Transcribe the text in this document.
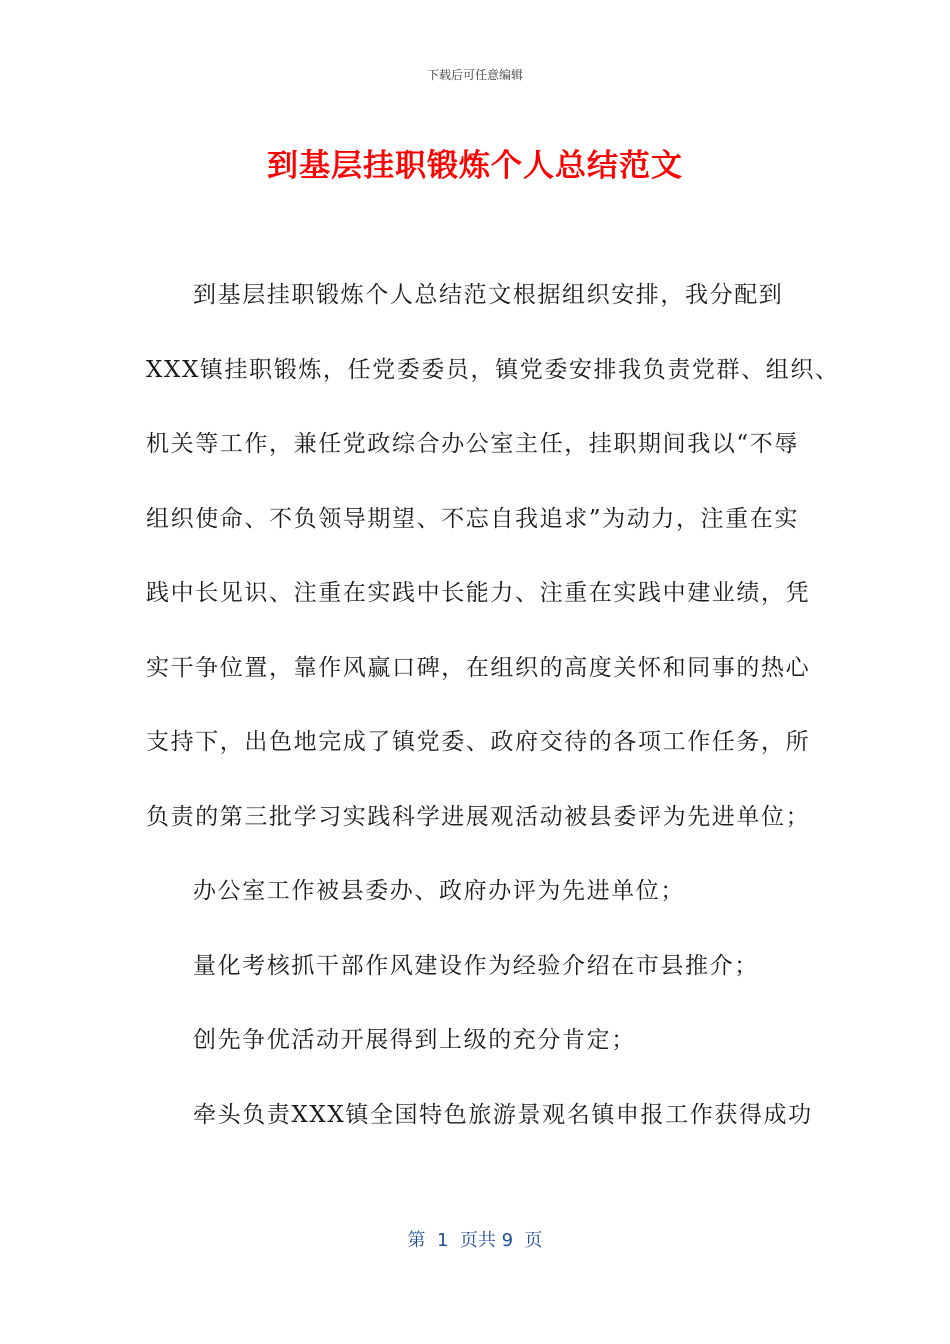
下载后可任意编辑
到基层挂职锻炼个人总结范文
到基层挂职锻炼个人总结范文根据组织安排，我分配到
XXX镇挂职锻炼，任党委委员，镇党委安排我负责党群、组织、
机关等工作，兼任党政综合办公室主任，挂职期间我以“不辱
组织使命、不负领导期望、不忘自我追求”为动力，注重在实
践中长见识、注重在实践中长能力、注重在实践中建业绩，凭
实干争位置，靠作风赢口碑，在组织的高度关怀和同事的热心
支持下，出色地完成了镇党委、政府交待的各项工作任务，所
负责的第三批学习实践科学进展观活动被县委评为先进单位；
办公室工作被县委办、政府办评为先进单位；
量化考核抓干部作风建设作为经验介绍在市县推介；
创先争优活动开展得到上级的充分肯定；
牵头负责XXX镇全国特色旅游景观名镇申报工作获得成功
第  1  页共 9  页
